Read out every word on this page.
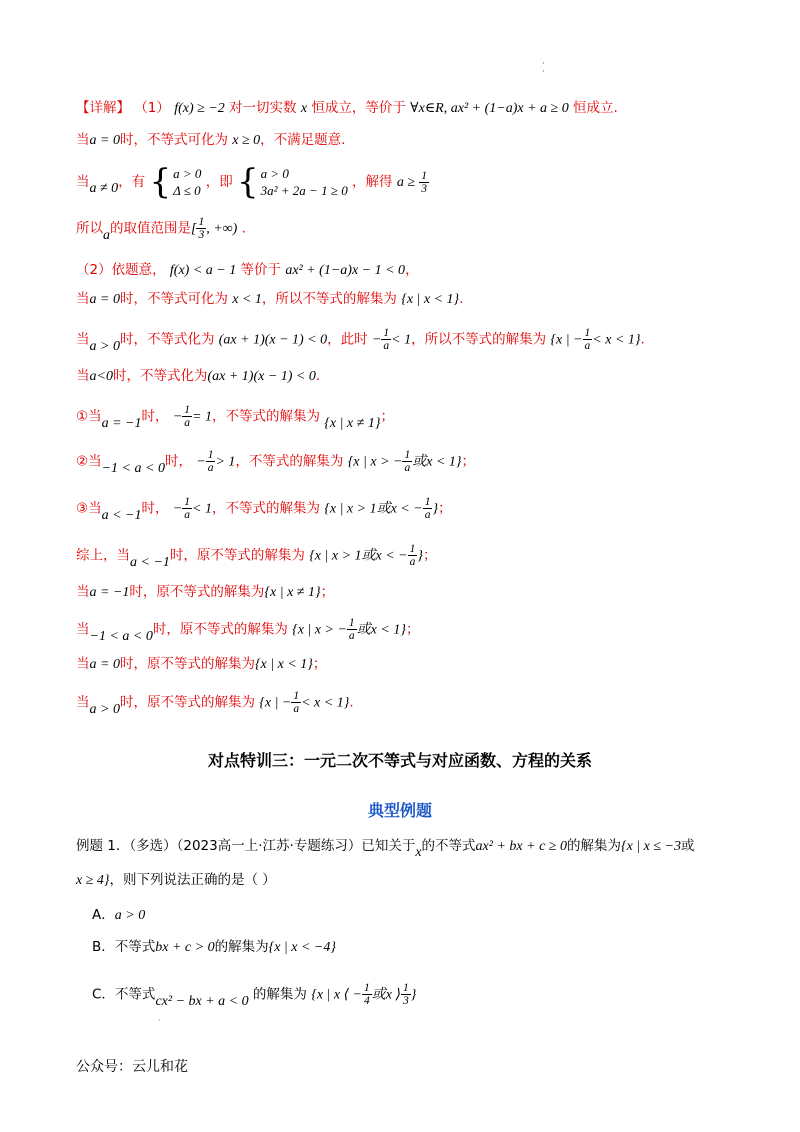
·
·
【详解】 （1） f(x) ≥ −2 对一切实数 x 恒成立，等价于 ∀x∈R, ax² + (1−a)x + a ≥ 0 恒成立.
当a = 0时，不等式可化为 x ≥ 0，不满足题意.
当a ≠ 0，有 { a > 0
Δ ≤ 0
，即 { a > 0
3a² + 2a − 1 ≥ 0
，解得 $a \ge \frac{1}{3}$
所以a的取值范围是[ $\frac{1}{3}$ , +∞) .
（2）依题意， f(x) < a − 1 等价于 ax² + (1−a)x − 1 < 0，
当a = 0时，不等式可化为 x < 1，所以不等式的解集为 {x | x < 1}.
当a > 0时，不等式化为 (ax + 1)(x − 1) < 0，此时 − $\frac{1}{a} < 1$，所以不等式的解集为 {x | − $\frac{1}{a} < x < 1$}.
当a<0时，不等式化为(ax + 1)(x − 1) < 0.
①当a = −1时， − $\frac{1}{a} = 1$，不等式的解集为 {x | x ≠ 1}；
②当−1 < a < 0时， − $\frac{1}{a} > 1$，不等式的解集为 {x | x > − $\frac{1}{a}$ 或x < 1}；
③当a < −1时， − $\frac{1}{a} < 1$，不等式的解集为 {x | x > 1或x < − $\frac{1}{a}$ }；
综上，当a < −1时，原不等式的解集为 {x | x > 1或x < − $\frac{1}{a}$ }；
当a = −1时，原不等式的解集为{x | x ≠ 1}；
当−1 < a < 0时，原不等式的解集为 {x | x > − $\frac{1}{a}$ 或x < 1}；
当a = 0时，原不等式的解集为{x | x < 1}；
当a > 0时，原不等式的解集为 {x | − $\frac{1}{a} < x < 1$}.
对点特训三：一元二次不等式与对应函数、方程的关系
典型例题
例题 1．（多选）（2023高一上·江苏·专题练习）已知关于x的不等式ax² + bx + c ≥ 0的解集为{x | x ≤ −3或
x ≥ 4}，则下列说法正确的是（ ）
A．a > 0
B．不等式bx + c > 0的解集为{x | x < −4}
C．不等式cx² − bx + a < 0 的解集为 {x | x ⟨ − $\frac{1}{4}$ 或x ⟩ $\frac{1}{3}$ }
·
公众号：云儿和花
